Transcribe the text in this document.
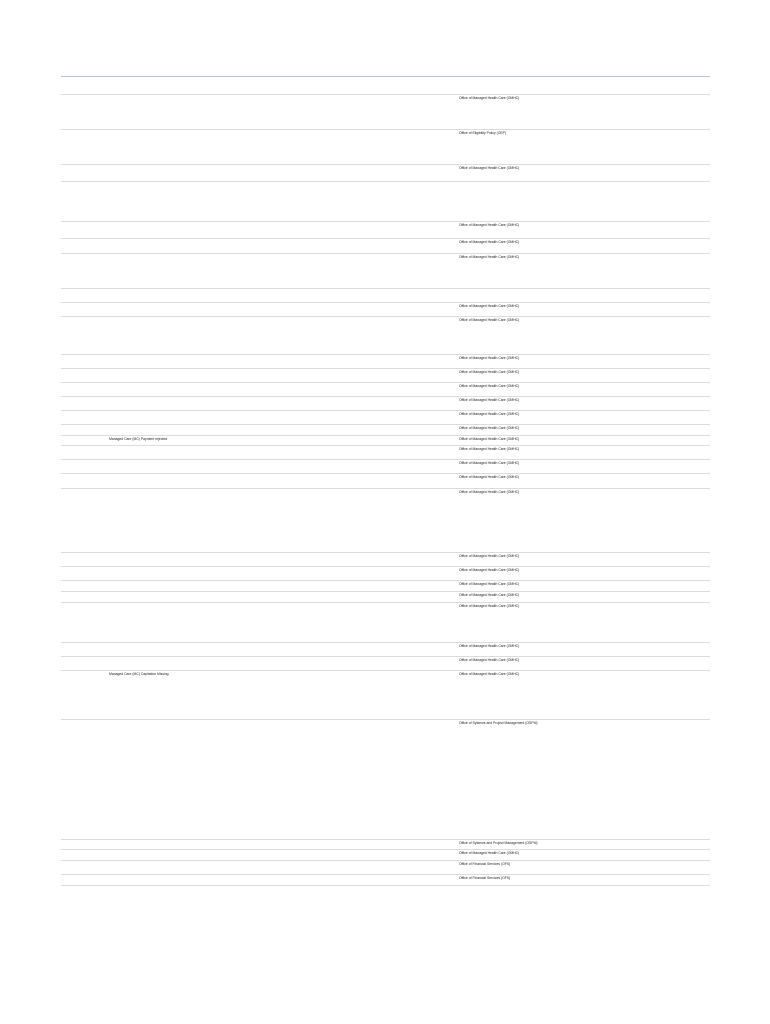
Office of Managed Health Care (OMHC)
Office of Eligibility Policy (OEP)
Office of Managed Health Care (OMHC)
Office of Managed Health Care (OMHC)
Office of Managed Health Care (OMHC)
Office of Managed Health Care (OMHC)
Office of Managed Health Care (OMHC)
Office of Managed Health Care (OMHC)
Office of Managed Health Care (OMHC)
Office of Managed Health Care (OMHC)
Office of Managed Health Care (OMHC)
Office of Managed Health Care (OMHC)
Office of Managed Health Care (OMHC)
Office of Managed Health Care (OMHC)
Managed Care (MC) Payment rejected	Office of Managed Health Care (OMHC)
Office of Managed Health Care (OMHC)
Office of Managed Health Care (OMHC)
Office of Managed Health Care (OMHC)
Office of Managed Health Care (OMHC)
Office of Managed Health Care (OMHC)
Office of Managed Health Care (OMHC)
Office of Managed Health Care (OMHC)
Office of Managed Health Care (OMHC)
Office of Managed Health Care (OMHC)
Office of Managed Health Care (OMHC)
Office of Managed Health Care (OMHC)
Managed Care (MC) Capitation Missing	Office of Managed Health Care (OMHC)
Office of Systems and Project Management (OSPM)
Office of Systems and Project Management (OSPM)
Office of Managed Health Care (OMHC)
Office of Financial Services (OFS)
Office of Financial Services (OFS)
